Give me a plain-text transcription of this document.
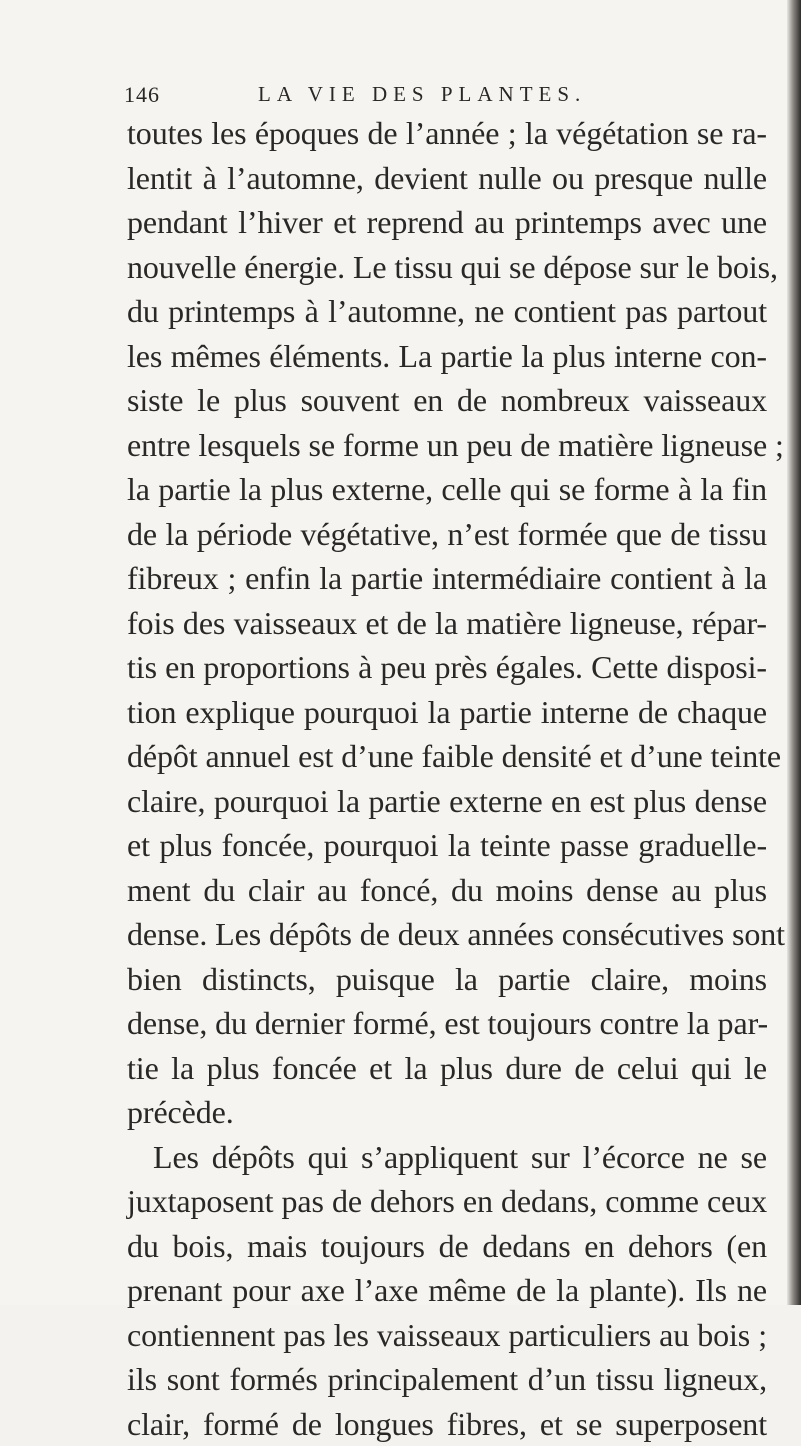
146	LA VIE DES PLANTES.
toutes les époques de l’année ; la végétation se ra-
lentit à l’automne, devient nulle ou presque nulle
pendant l’hiver et reprend au printemps avec une
nouvelle énergie. Le tissu qui se dépose sur le bois,
du printemps à l’automne, ne contient pas partout
les mêmes éléments. La partie la plus interne con-
siste le plus souvent en de nombreux vaisseaux
entre lesquels se forme un peu de matière ligneuse ;
la partie la plus externe, celle qui se forme à la fin
de la période végétative, n’est formée que de tissu
fibreux ; enfin la partie intermédiaire contient à la
fois des vaisseaux et de la matière ligneuse, répar-
tis en proportions à peu près égales. Cette disposi-
tion explique pourquoi la partie interne de chaque
dépôt annuel est d’une faible densité et d’une teinte
claire, pourquoi la partie externe en est plus dense
et plus foncée, pourquoi la teinte passe graduelle-
ment du clair au foncé, du moins dense au plus
dense. Les dépôts de deux années consécutives sont
bien distincts, puisque la partie claire, moins
dense, du dernier formé, est toujours contre la par-
tie la plus foncée et la plus dure de celui qui le
précède.
Les dépôts qui s’appliquent sur l’écorce ne se
juxtaposent pas de dehors en dedans, comme ceux
du bois, mais toujours de dedans en dehors (en
prenant pour axe l’axe même de la plante). Ils ne
contiennent pas les vaisseaux particuliers au bois ;
ils sont formés principalement d’un tissu ligneux,
clair, formé de longues fibres, et se superposent
